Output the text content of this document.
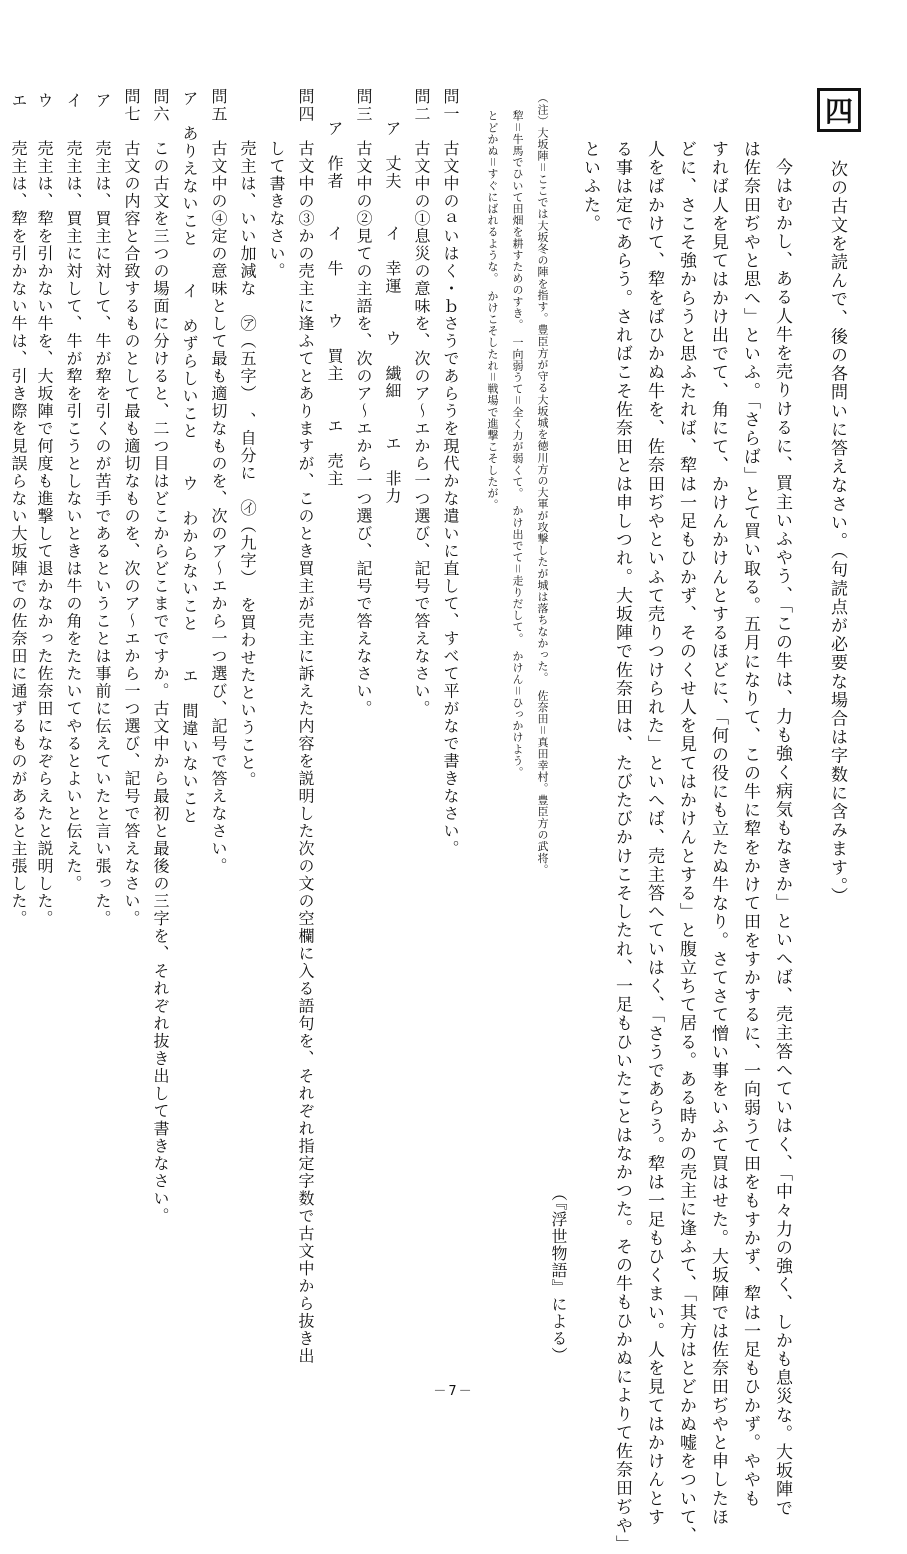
四
次の古文を読んで、後の各問いに答えなさい。（句読点が必要な場合は字数に含みます。）
今はむかし、ある人牛を売りけるに、買主いふやう、「この牛は、力も強く病気もなきか」といへば、売主答へていはく、「中々力の強く、しかも息災な。大坂陣で
は佐奈田ぢやと思へ」といふ。「さらば」とて買い取る。五月になりて、この牛に犂をかけて田をすかするに、一向弱うて田をもすかず、犂は一足もひかず。ややも
すれば人を見てはかけ出でて、角にて、かけんかけんとするほどに、「何の役にも立たぬ牛なり。さてさて憎い事をいふて買はせた。大坂陣では佐奈田ぢやと申したほ
どに、さこそ強からうと思ふたれば、犂は一足もひかず、そのくせ人を見てはかけんとする」と腹立ちて居る。ある時かの売主に逢ふて、「其方はとどかぬ嘘をついて、
人をばかけて、犂をばひかぬ牛を、佐奈田ぢやといふて売りつけられた」といへば、売主答へていはく、「さうであらう。犂は一足もひくまい。人を見てはかけんとす
る事は定であらう。さればこそ佐奈田とは申しつれ。大坂陣で佐奈田は、たびたびかけこそしたれ、一足もひいたことはなかつた。その牛もひかぬによりて佐奈田ぢや」
といふた。
（『浮世物語』による）
（注）大坂陣＝ここでは大坂冬の陣を指す。豊臣方が守る大坂城を徳川方の大軍が攻撃したが城は落ちなかった。　佐奈田＝真田幸村。豊臣方の武将。
犂＝牛馬でひいて田畑を耕すためのすき。　一向弱うて＝全く力が弱くて。　かけ出でて＝走りだして。　かけん＝ひっかけよう。
とどかぬ＝すぐにばれるような。　かけこそしたれ＝戦場で進撃こそしたが。
問一
古文中のａいはく・ｂさうであらうを現代かな遣いに直して、すべて平がなで書きなさい。
問二
古文中の①息災の意味を、次のア～エから一つ選び、記号で答えなさい。
ア　丈夫　　イ　幸運　　ウ　繊細　　エ　非力
問三
古文中の②見ての主語を、次のア～エから一つ選び、記号で答えなさい。
ア　作者　　イ　牛　　ウ　買主　　エ　売主
問四
古文中の③かの売主に逢ふてとありますが、このとき買主が売主に訴えた内容を説明した次の文の空欄に入る語句を、それぞれ指定字数で古文中から抜き出
して書きなさい。
売主は、いい加減な　㋐（五字）　、自分に　㋑（九字）　を買わせたということ。
問五
古文中の④定の意味として最も適切なものを、次のア～エから一つ選び、記号で答えなさい。
ア　ありえないこと　　イ　めずらしいこと　　ウ　わからないこと　　エ　間違いないこと
問六
この古文を三つの場面に分けると、二つ目はどこからどこまでですか。古文中から最初と最後の三字を、それぞれ抜き出して書きなさい。
問七
古文の内容と合致するものとして最も適切なものを、次のア～エから一つ選び、記号で答えなさい。
ア
売主は、買主に対して、牛が犂を引くのが苦手であるということは事前に伝えていたと言い張った。
イ
売主は、買主に対して、牛が犂を引こうとしないときは牛の角をたたいてやるとよいと伝えた。
ウ
売主は、犂を引かない牛を、大坂陣で何度も進撃して退かなかった佐奈田になぞらえたと説明した。
エ
売主は、犂を引かない牛は、引き際を見誤らない大坂陣での佐奈田に通ずるものがあると主張した。
－7－
